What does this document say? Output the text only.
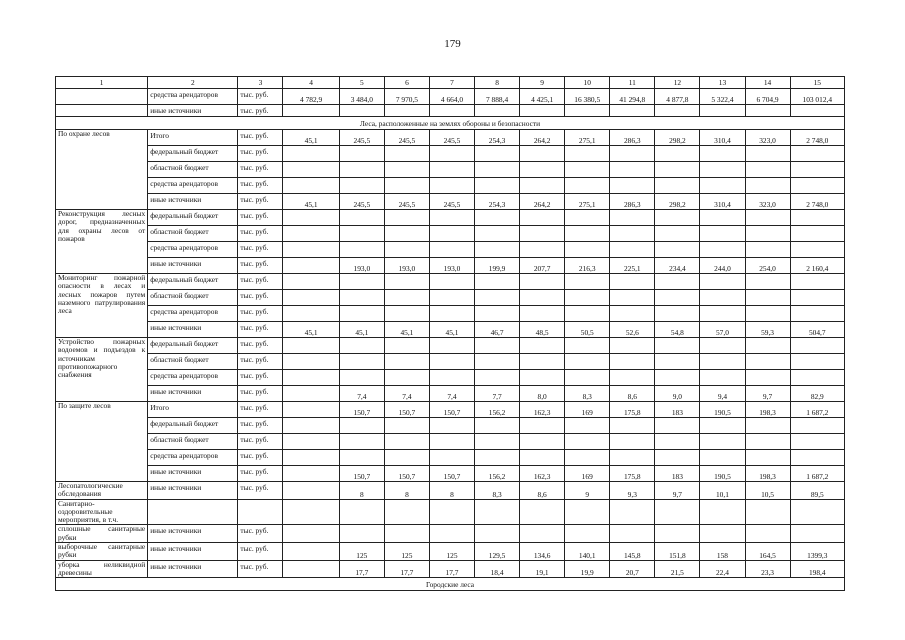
179
1	2	3	4	5	6	7	8	9	10	11	12	13	14	15
	средства арендаторов	тыс. руб.	4 782,9	3 484,0	7 970,5	4 664,0	7 888,4	4 425,1	16 380,5	41 294,8	4 877,8	5 322,4	6 704,9	103 012,4
	иные источники	тыс. руб.												
Леса, расположенные на землях обороны и безопасности														
По охране лесов	Итого	тыс. руб.	45,1	245,5	245,5	245,5	254,3	264,2	275,1	286,3	298,2	310,4	323,0	2 748,0
	федеральный бюджет	тыс. руб.												
	областной бюджет	тыс. руб.												
	средства арендаторов	тыс. руб.												
	иные источники	тыс. руб.	45,1	245,5	245,5	245,5	254,3	264,2	275,1	286,3	298,2	310,4	323,0	2 748,0
Реконструкция лесных дорог, предназначенных для охраны лесов от пожаров	федеральный бюджет	тыс. руб.												
	областной бюджет	тыс. руб.												
	средства арендаторов	тыс. руб.												
	иные источники	тыс. руб.		193,0	193,0	193,0	199,9	207,7	216,3	225,1	234,4	244,0	254,0	2 160,4
Мониторинг пожарной опасности в лесах и лесных пожаров путем наземного патрулирования леса	федеральный бюджет	тыс. руб.												
	областной бюджет	тыс. руб.												
	средства арендаторов	тыс. руб.												
	иные источники	тыс. руб.	45,1	45,1	45,1	45,1	46,7	48,5	50,5	52,6	54,8	57,0	59,3	504,7
Устройство пожарных водоемов и подъездов к источникам противопожарного снабжения	федеральный бюджет	тыс. руб.												
	областной бюджет	тыс. руб.												
	средства арендаторов	тыс. руб.												
	иные источники	тыс. руб.		7,4	7,4	7,4	7,7	8,0	8,3	8,6	9,0	9,4	9,7	82,9
По защите лесов	Итого	тыс. руб.		150,7	150,7	150,7	156,2	162,3	169	175,8	183	190,5	198,3	1 687,2
	федеральный бюджет	тыс. руб.												
	областной бюджет	тыс. руб.												
	средства арендаторов	тыс. руб.												
	иные источники	тыс. руб.		150,7	150,7	150,7	156,2	162,3	169	175,8	183	190,5	198,3	1 687,2
Лесопатологические обследования	иные источники	тыс. руб.		8	8	8	8,3	8,6	9	9,3	9,7	10,1	10,5	89,5
Санитарно-оздоровительные мероприятия, в т.ч.														
сплошные санитарные рубки	иные источники	тыс. руб.												
выборочные санитарные рубки	иные источники	тыс. руб.		125	125	125	129,5	134,6	140,1	145,8	151,8	158	164,5	1399,3
уборка неликвидной древесины	иные источники	тыс. руб.		17,7	17,7	17,7	18,4	19,1	19,9	20,7	21,5	22,4	23,3	198,4
Городские леса														
